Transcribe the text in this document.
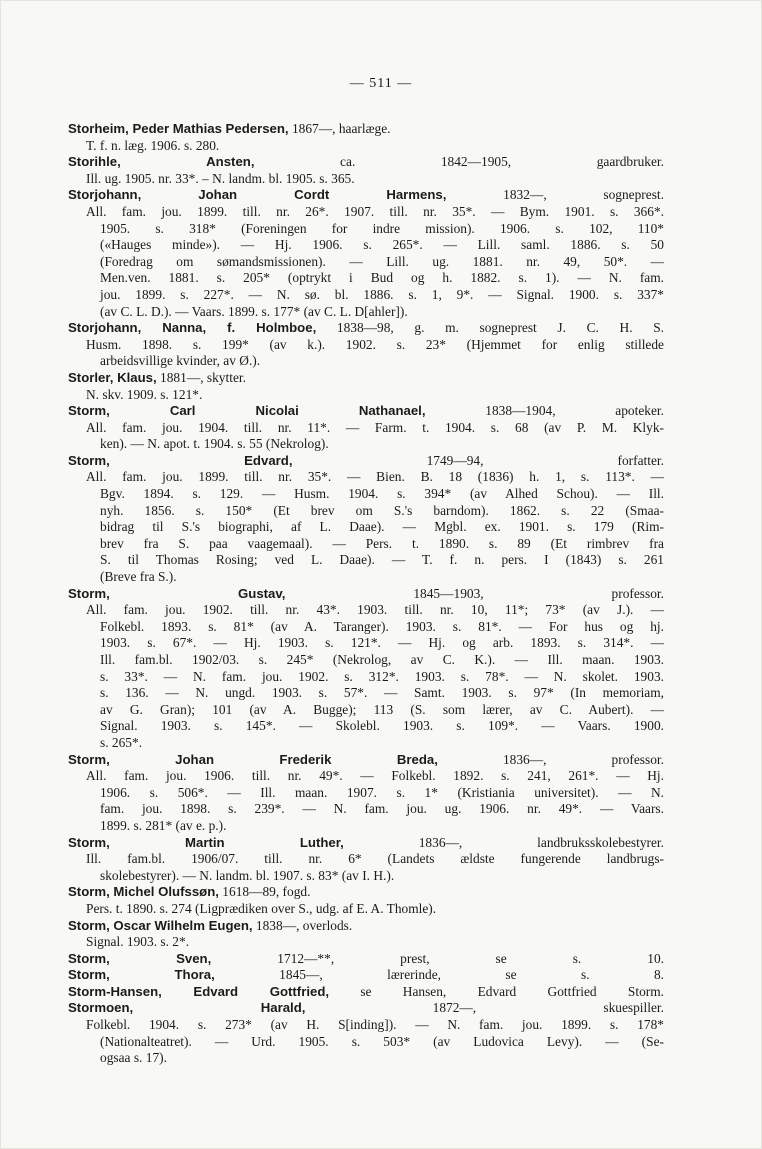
— 511 —
Storheim, Peder Mathias Pedersen, 1867—, haarlæge.
T. f. n. læg. 1906. s. 280.
Storihle, Ansten, ca. 1842—1905, gaardbruker.
Ill. ug. 1905. nr. 33*. – N. landm. bl. 1905. s. 365.
Storjohann, Johan Cordt Harmens, 1832—, sogneprest.
All. fam. jou. 1899. till. nr. 26*. 1907. till. nr. 35*. — Bym. 1901. s. 366*.
1905. s. 318* (Foreningen for indre mission). 1906. s. 102, 110*
(«Hauges minde»). — Hj. 1906. s. 265*. — Lill. saml. 1886. s. 50
(Foredrag om sømandsmissionen). — Lill. ug. 1881. nr. 49, 50*. —
Men.ven. 1881. s. 205* (optrykt i Bud og h. 1882. s. 1). — N. fam.
jou. 1899. s. 227*. — N. sø. bl. 1886. s. 1, 9*. — Signal. 1900. s. 337*
(av C. L. D.). — Vaars. 1899. s. 177* (av C. L. D[ahler]).
Storjohann, Nanna, f. Holmboe, 1838—98, g. m. sogneprest J. C. H. S.
Husm. 1898. s. 199* (av k.). 1902. s. 23* (Hjemmet for enlig stillede
arbeidsvillige kvinder, av Ø.).
Storler, Klaus, 1881—, skytter.
N. skv. 1909. s. 121*.
Storm, Carl Nicolai Nathanael, 1838—1904, apoteker.
All. fam. jou. 1904. till. nr. 11*. — Farm. t. 1904. s. 68 (av P. M. Klyk-
ken). — N. apot. t. 1904. s. 55 (Nekrolog).
Storm, Edvard, 1749—94, forfatter.
All. fam. jou. 1899. till. nr. 35*. — Bien. B. 18 (1836) h. 1, s. 113*. —
Bgv. 1894. s. 129. — Husm. 1904. s. 394* (av Alhed Schou). — Ill.
nyh. 1856. s. 150* (Et brev om S.'s barndom). 1862. s. 22 (Smaa-
bidrag til S.'s biographi, af L. Daae). — Mgbl. ex. 1901. s. 179 (Rim-
brev fra S. paa vaagemaal). — Pers. t. 1890. s. 89 (Et rimbrev fra
S. til Thomas Rosing; ved L. Daae). — T. f. n. pers. I (1843) s. 261
(Breve fra S.).
Storm, Gustav, 1845—1903, professor.
All. fam. jou. 1902. till. nr. 43*. 1903. till. nr. 10, 11*; 73* (av J.). —
Folkebl. 1893. s. 81* (av A. Taranger). 1903. s. 81*. — For hus og hj.
1903. s. 67*. — Hj. 1903. s. 121*. — Hj. og arb. 1893. s. 314*. —
Ill. fam.bl. 1902/03. s. 245* (Nekrolog, av C. K.). — Ill. maan. 1903.
s. 33*. — N. fam. jou. 1902. s. 312*. 1903. s. 78*. — N. skolet. 1903.
s. 136. — N. ungd. 1903. s. 57*. — Samt. 1903. s. 97* (In memoriam,
av G. Gran); 101 (av A. Bugge); 113 (S. som lærer, av C. Aubert). —
Signal. 1903. s. 145*. — Skolebl. 1903. s. 109*. — Vaars. 1900.
s. 265*.
Storm, Johan Frederik Breda, 1836—, professor.
All. fam. jou. 1906. till. nr. 49*. — Folkebl. 1892. s. 241, 261*. — Hj.
1906. s. 506*. — Ill. maan. 1907. s. 1* (Kristiania universitet). — N.
fam. jou. 1898. s. 239*. — N. fam. jou. ug. 1906. nr. 49*. — Vaars.
1899. s. 281* (av e. p.).
Storm, Martin Luther, 1836—, landbruksskolebestyrer.
Ill. fam.bl. 1906/07. till. nr. 6* (Landets ældste fungerende landbrugs-
skolebestyrer). — N. landm. bl. 1907. s. 83* (av I. H.).
Storm, Michel Olufssøn, 1618—89, fogd.
Pers. t. 1890. s. 274 (Ligprædiken over S., udg. af E. A. Thomle).
Storm, Oscar Wilhelm Eugen, 1838—, overlods.
Signal. 1903. s. 2*.
Storm, Sven, 1712—**, prest, se s. 10.
Storm, Thora, 1845—, lærerinde, se s. 8.
Storm-Hansen, Edvard Gottfried, se Hansen, Edvard Gottfried Storm.
Stormoen, Harald, 1872—, skuespiller.
Folkebl. 1904. s. 273* (av H. S[inding]). — N. fam. jou. 1899. s. 178*
(Nationalteatret). — Urd. 1905. s. 503* (av Ludovica Levy). — (Se-
ogsaa s. 17).
